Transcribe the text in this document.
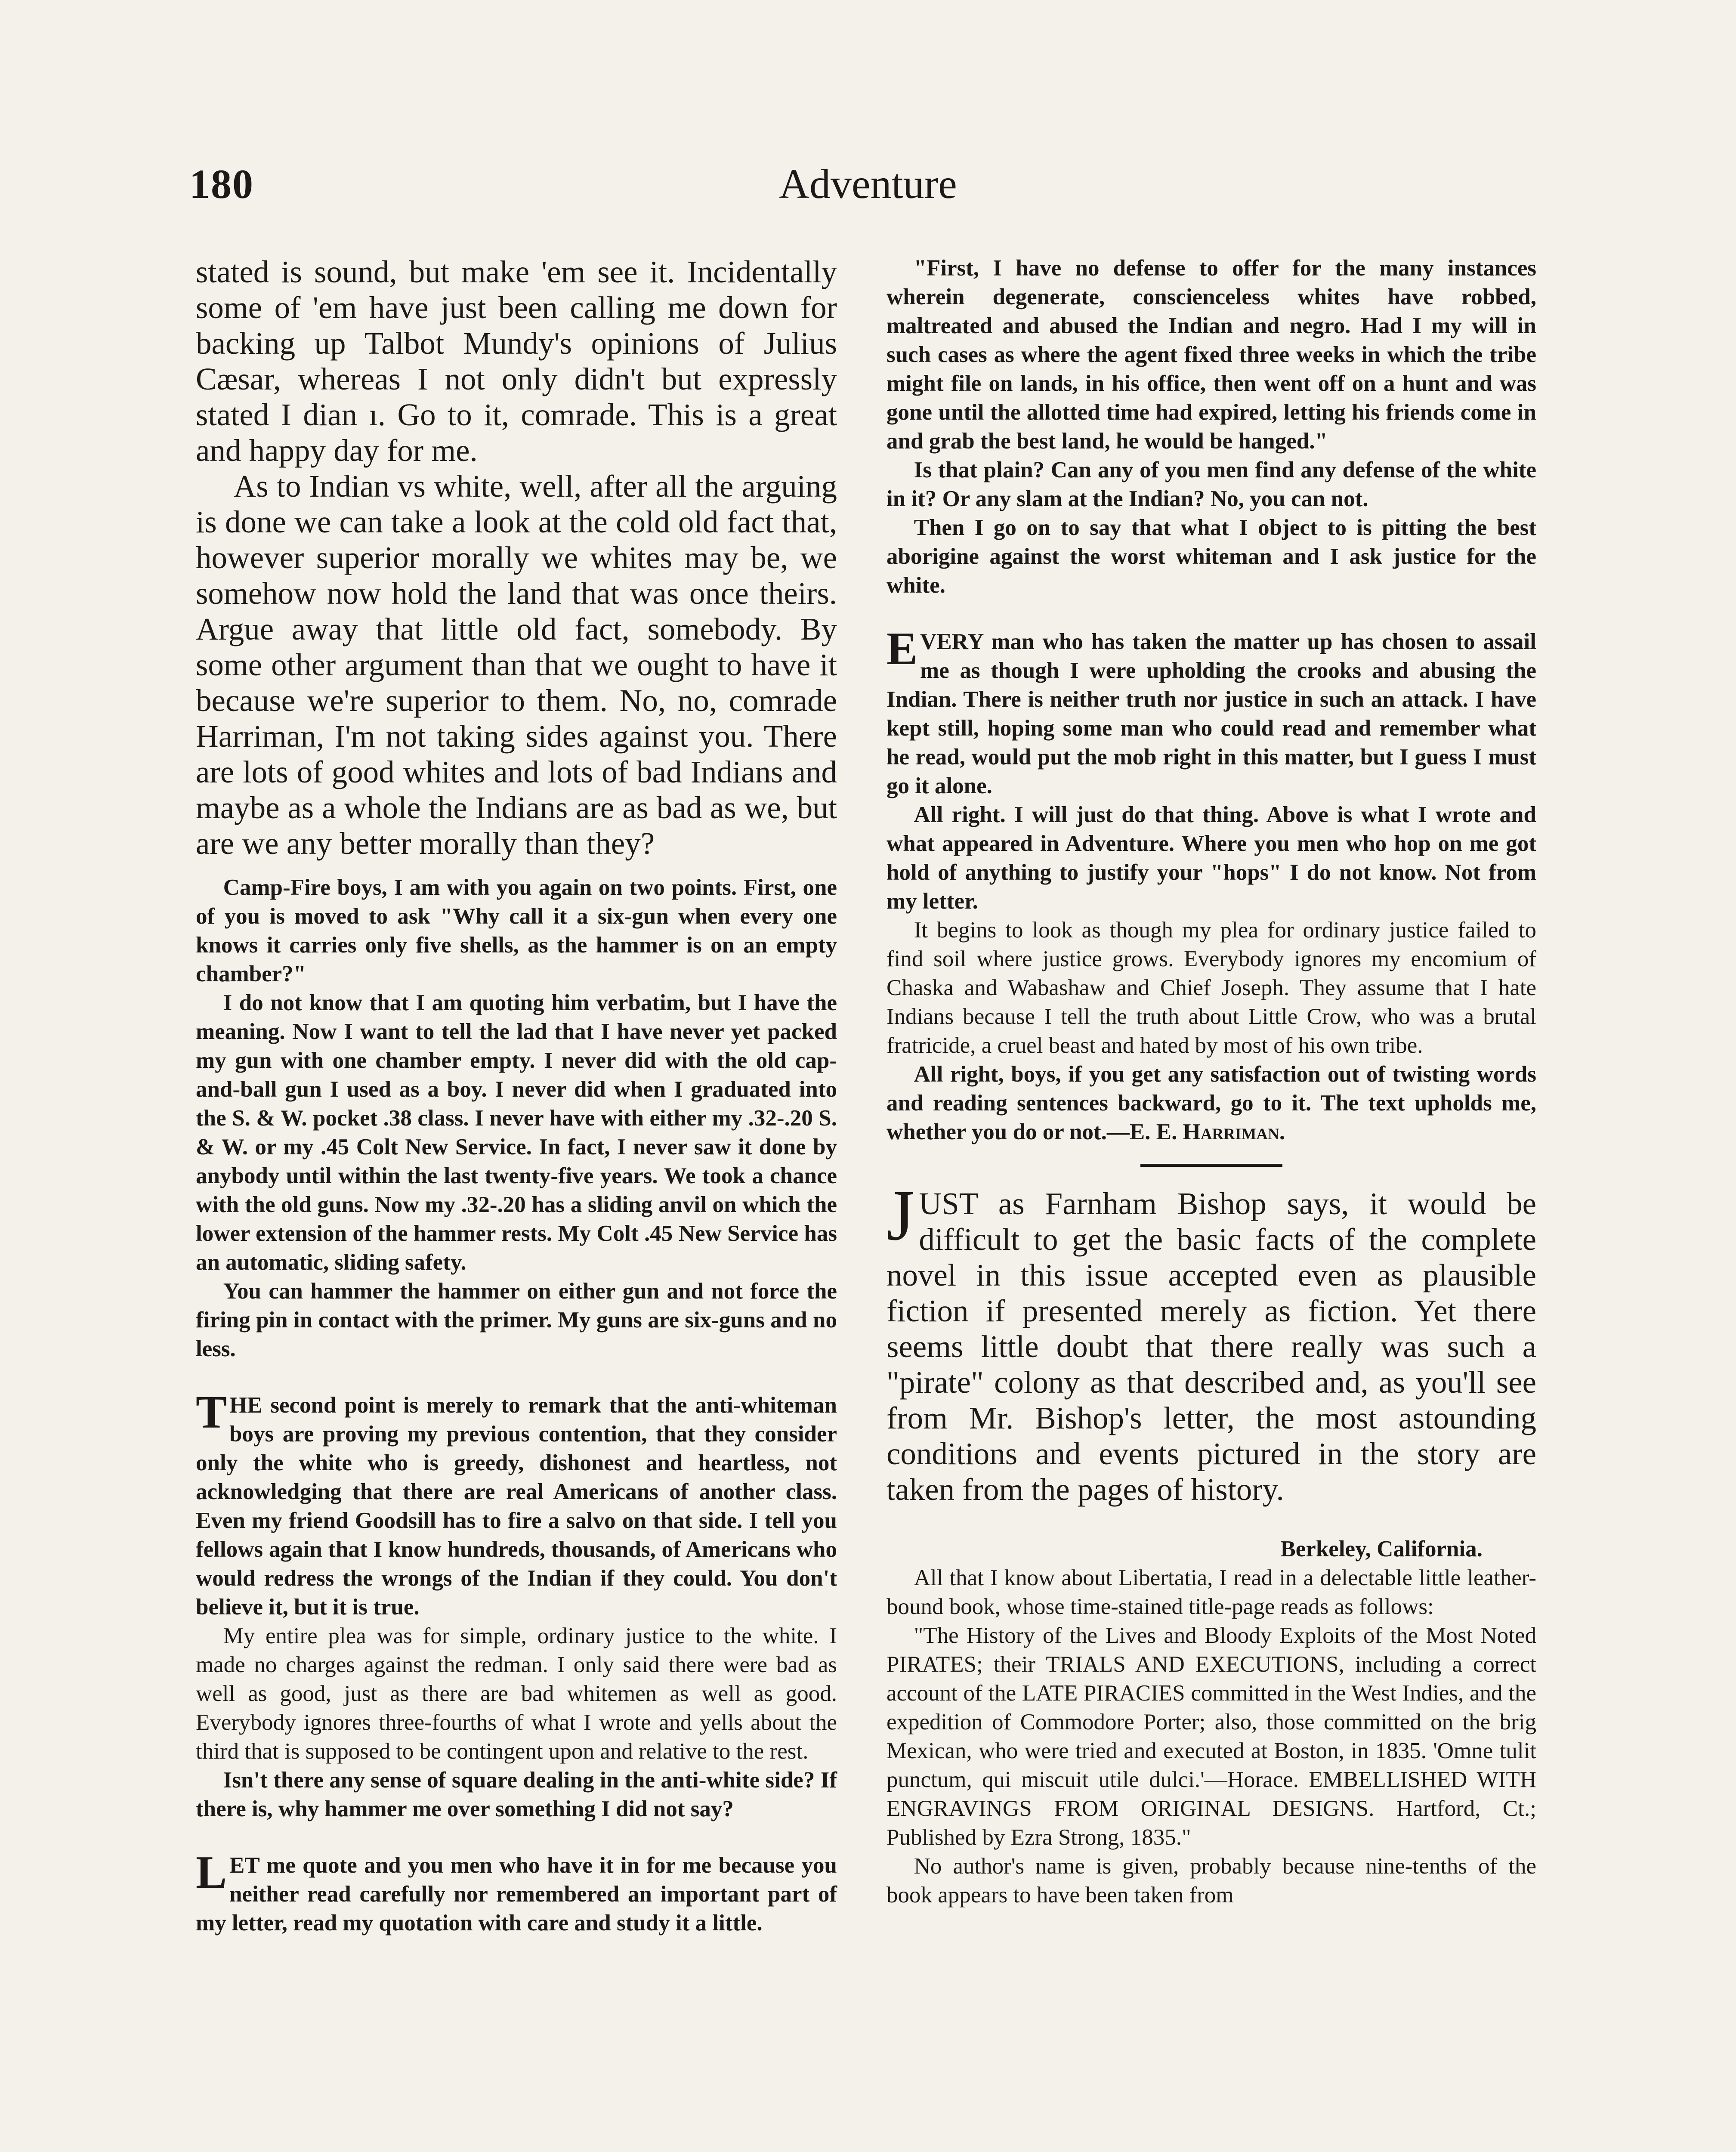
180	Adventure

stated is sound, but make 'em see it. Incidentally some of 'em have just been calling me down for backing up Talbot Mundy's opinions of Julius Cæsar, whereas I not only didn't but expressly stated I dian ı. Go to it, comrade. This is a great and happy day for me.

As to Indian vs white, well, after all the arguing is done we can take a look at the cold old fact that, however superior morally we whites may be, we somehow now hold the land that was once theirs. Argue away that little old fact, somebody. By some other argument than that we ought to have it because we're superior to them. No, no, comrade Harriman, I'm not taking sides against you. There are lots of good whites and lots of bad Indians and maybe as a whole the Indians are as bad as we, but are we any better morally than they?

Camp-Fire boys, I am with you again on two points. First, one of you is moved to ask "Why call it a six-gun when every one knows it carries only five shells, as the hammer is on an empty chamber?"

I do not know that I am quoting him verbatim, but I have the meaning. Now I want to tell the lad that I have never yet packed my gun with one chamber empty. I never did with the old cap-and-ball gun I used as a boy. I never did when I graduated into the S. & W. pocket .38 class. I never have with either my .32-.20 S. & W. or my .45 Colt New Service. In fact, I never saw it done by anybody until within the last twenty-five years. We took a chance with the old guns. Now my .32-.20 has a sliding anvil on which the lower extension of the hammer rests. My Colt .45 New Service has an automatic, sliding safety.

You can hammer the hammer on either gun and not force the firing pin in contact with the primer. My guns are six-guns and no less.

THE second point is merely to remark that the anti-whiteman boys are proving my previous contention, that they consider only the white who is greedy, dishonest and heartless, not acknowledging that there are real Americans of another class. Even my friend Goodsill has to fire a salvo on that side. I tell you fellows again that I know hundreds, thousands, of Americans who would redress the wrongs of the Indian if they could. You don't believe it, but it is true.

My entire plea was for simple, ordinary justice to the white. I made no charges against the redman. I only said there were bad as well as good, just as there are bad whitemen as well as good. Everybody ignores three-fourths of what I wrote and yells about the third that is supposed to be contingent upon and relative to the rest.

Isn't there any sense of square dealing in the anti-white side? If there is, why hammer me over something I did not say?

LET me quote and you men who have it in for me because you neither read carefully nor remembered an important part of my letter, read my quotation with care and study it a little.

"First, I have no defense to offer for the many instances wherein degenerate, conscienceless whites have robbed, maltreated and abused the Indian and negro. Had I my will in such cases as where the agent fixed three weeks in which the tribe might file on lands, in his office, then went off on a hunt and was gone until the allotted time had expired, letting his friends come in and grab the best land, he would be hanged."

Is that plain? Can any of you men find any defense of the white in it? Or any slam at the Indian? No, you can not.

Then I go on to say that what I object to is pitting the best aborigine against the worst whiteman and I ask justice for the white.

EVERY man who has taken the matter up has chosen to assail me as though I were upholding the crooks and abusing the Indian. There is neither truth nor justice in such an attack. I have kept still, hoping some man who could read and remember what he read, would put the mob right in this matter, but I guess I must go it alone.

All right. I will just do that thing. Above is what I wrote and what appeared in Adventure. Where you men who hop on me got hold of anything to justify your "hops" I do not know. Not from my letter.

It begins to look as though my plea for ordinary justice failed to find soil where justice grows. Everybody ignores my encomium of Chaska and Wabashaw and Chief Joseph. They assume that I hate Indians because I tell the truth about Little Crow, who was a brutal fratricide, a cruel beast and hated by most of his own tribe.

All right, boys, if you get any satisfaction out of twisting words and reading sentences backward, go to it. The text upholds me, whether you do or not.—E. E. Harriman.

JUST as Farnham Bishop says, it would be difficult to get the basic facts of the complete novel in this issue accepted even as plausible fiction if presented merely as fiction. Yet there seems little doubt that there really was such a "pirate" colony as that described and, as you'll see from Mr. Bishop's letter, the most astounding conditions and events pictured in the story are taken from the pages of history.

Berkeley, California.

All that I know about Libertatia, I read in a delectable little leather-bound book, whose time-stained title-page reads as follows:

"The History of the Lives and Bloody Exploits of the Most Noted PIRATES; their TRIALS AND EXECUTIONS, including a correct account of the LATE PIRACIES committed in the West Indies, and the expedition of Commodore Porter; also, those committed on the brig Mexican, who were tried and executed at Boston, in 1835. 'Omne tulit punctum, qui miscuit utile dulci.'—Horace. EMBELLISHED WITH ENGRAVINGS FROM ORIGINAL DESIGNS. Hartford, Ct.; Published by Ezra Strong, 1835."

No author's name is given, probably because nine-tenths of the book appears to have been taken from
